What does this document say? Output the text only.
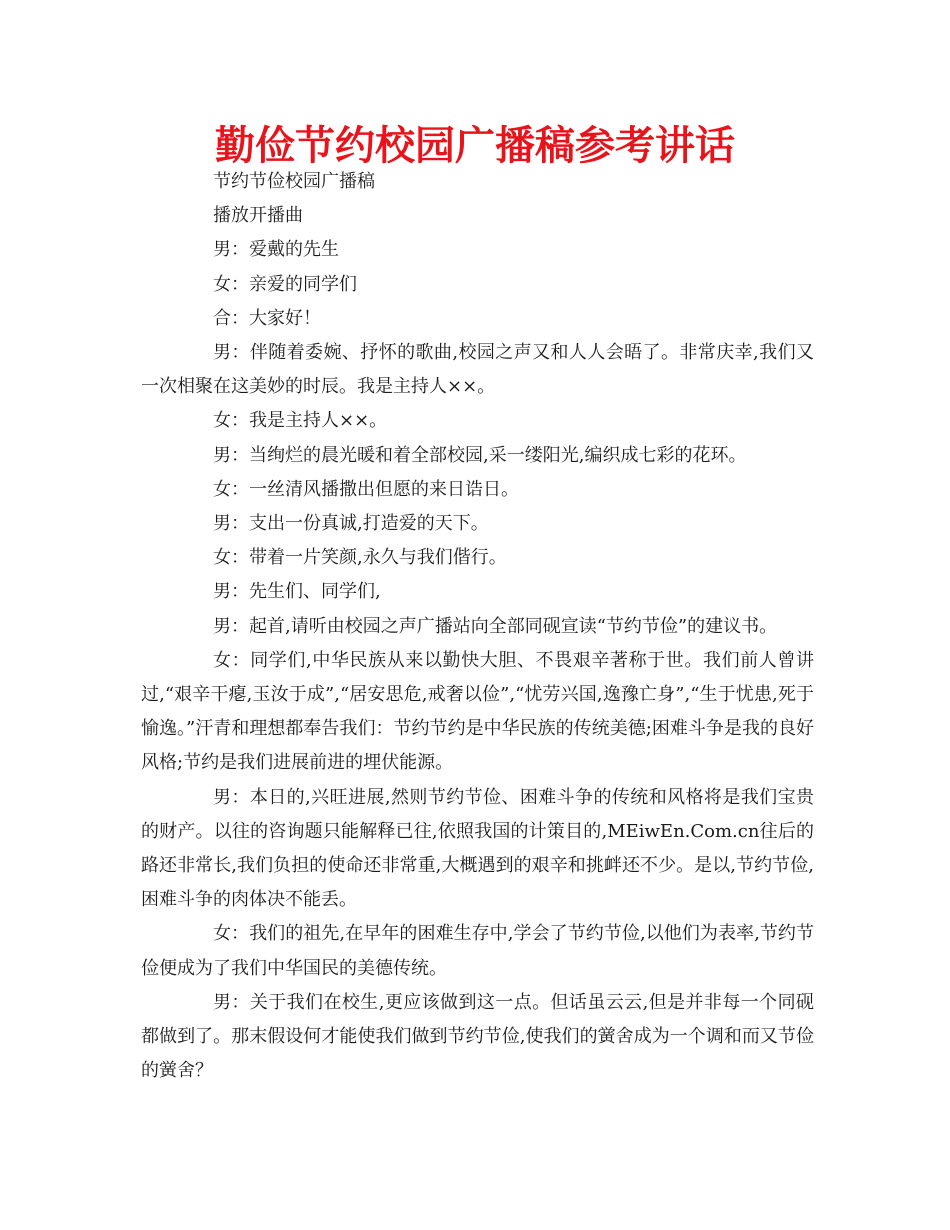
勤俭节约校园广播稿参考讲话

节约节俭校园广播稿

播放开播曲

男：爱戴的先生

女：亲爱的同学们

合：大家好！

男：伴随着委婉、抒怀的歌曲,校园之声又和人人会晤了。非常庆幸,我们又一次相聚在这美妙的时辰。我是主持人××。

女：我是主持人××。

男：当绚烂的晨光暖和着全部校园,采一缕阳光,编织成七彩的花环。

女：一丝清风播撒出但愿的来日诰日。

男：支出一份真诚,打造爱的天下。

女：带着一片笑颜,永久与我们偕行。

男：先生们、同学们,

男：起首,请听由校园之声广播站向全部同砚宣读“节约节俭”的建议书。

女：同学们,中华民族从来以勤快大胆、不畏艰辛著称于世。我们前人曾讲过,“艰辛干瘪,玉汝于成”,“居安思危,戒奢以俭”,“忧劳兴国,逸豫亡身”,“生于忧患,死于愉逸。”汗青和理想都奉告我们：节约节约是中华民族的传统美德;困难斗争是我的良好风格;节约是我们进展前进的埋伏能源。

男：本日的,兴旺进展,然则节约节俭、困难斗争的传统和风格将是我们宝贵的财产。以往的咨询题只能解释已往,依照我国的计策目的,MEiwEn.Com.cn往后的路还非常长,我们负担的使命还非常重,大概遇到的艰辛和挑衅还不少。是以,节约节俭,困难斗争的肉体决不能丢。

女：我们的祖先,在早年的困难生存中,学会了节约节俭,以他们为表率,节约节俭便成为了我们中华国民的美德传统。

男：关于我们在校生,更应该做到这一点。但话虽云云,但是并非每一个同砚都做到了。那末假设何才能使我们做到节约节俭,使我们的黉舍成为一个调和而又节俭的黉舍？
